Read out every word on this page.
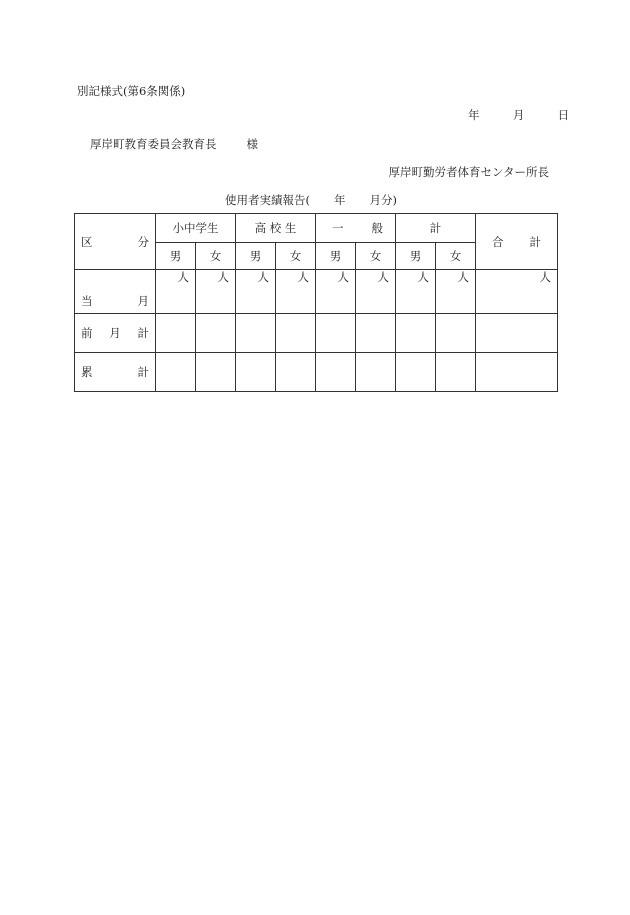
別記様式(第6条関係)
年	月	日
厚岸町教育委員会教育長	様
厚岸町勤労者体育センター所長
使用者実績報告( 年 月分)
区 分	小中学生		高 校 生		一 般		計		合 計

	男	女	男	女	男	女	男	女	

当 月	人	人	人	人	人	人	人	人	人

前 月 計									

累 計									
